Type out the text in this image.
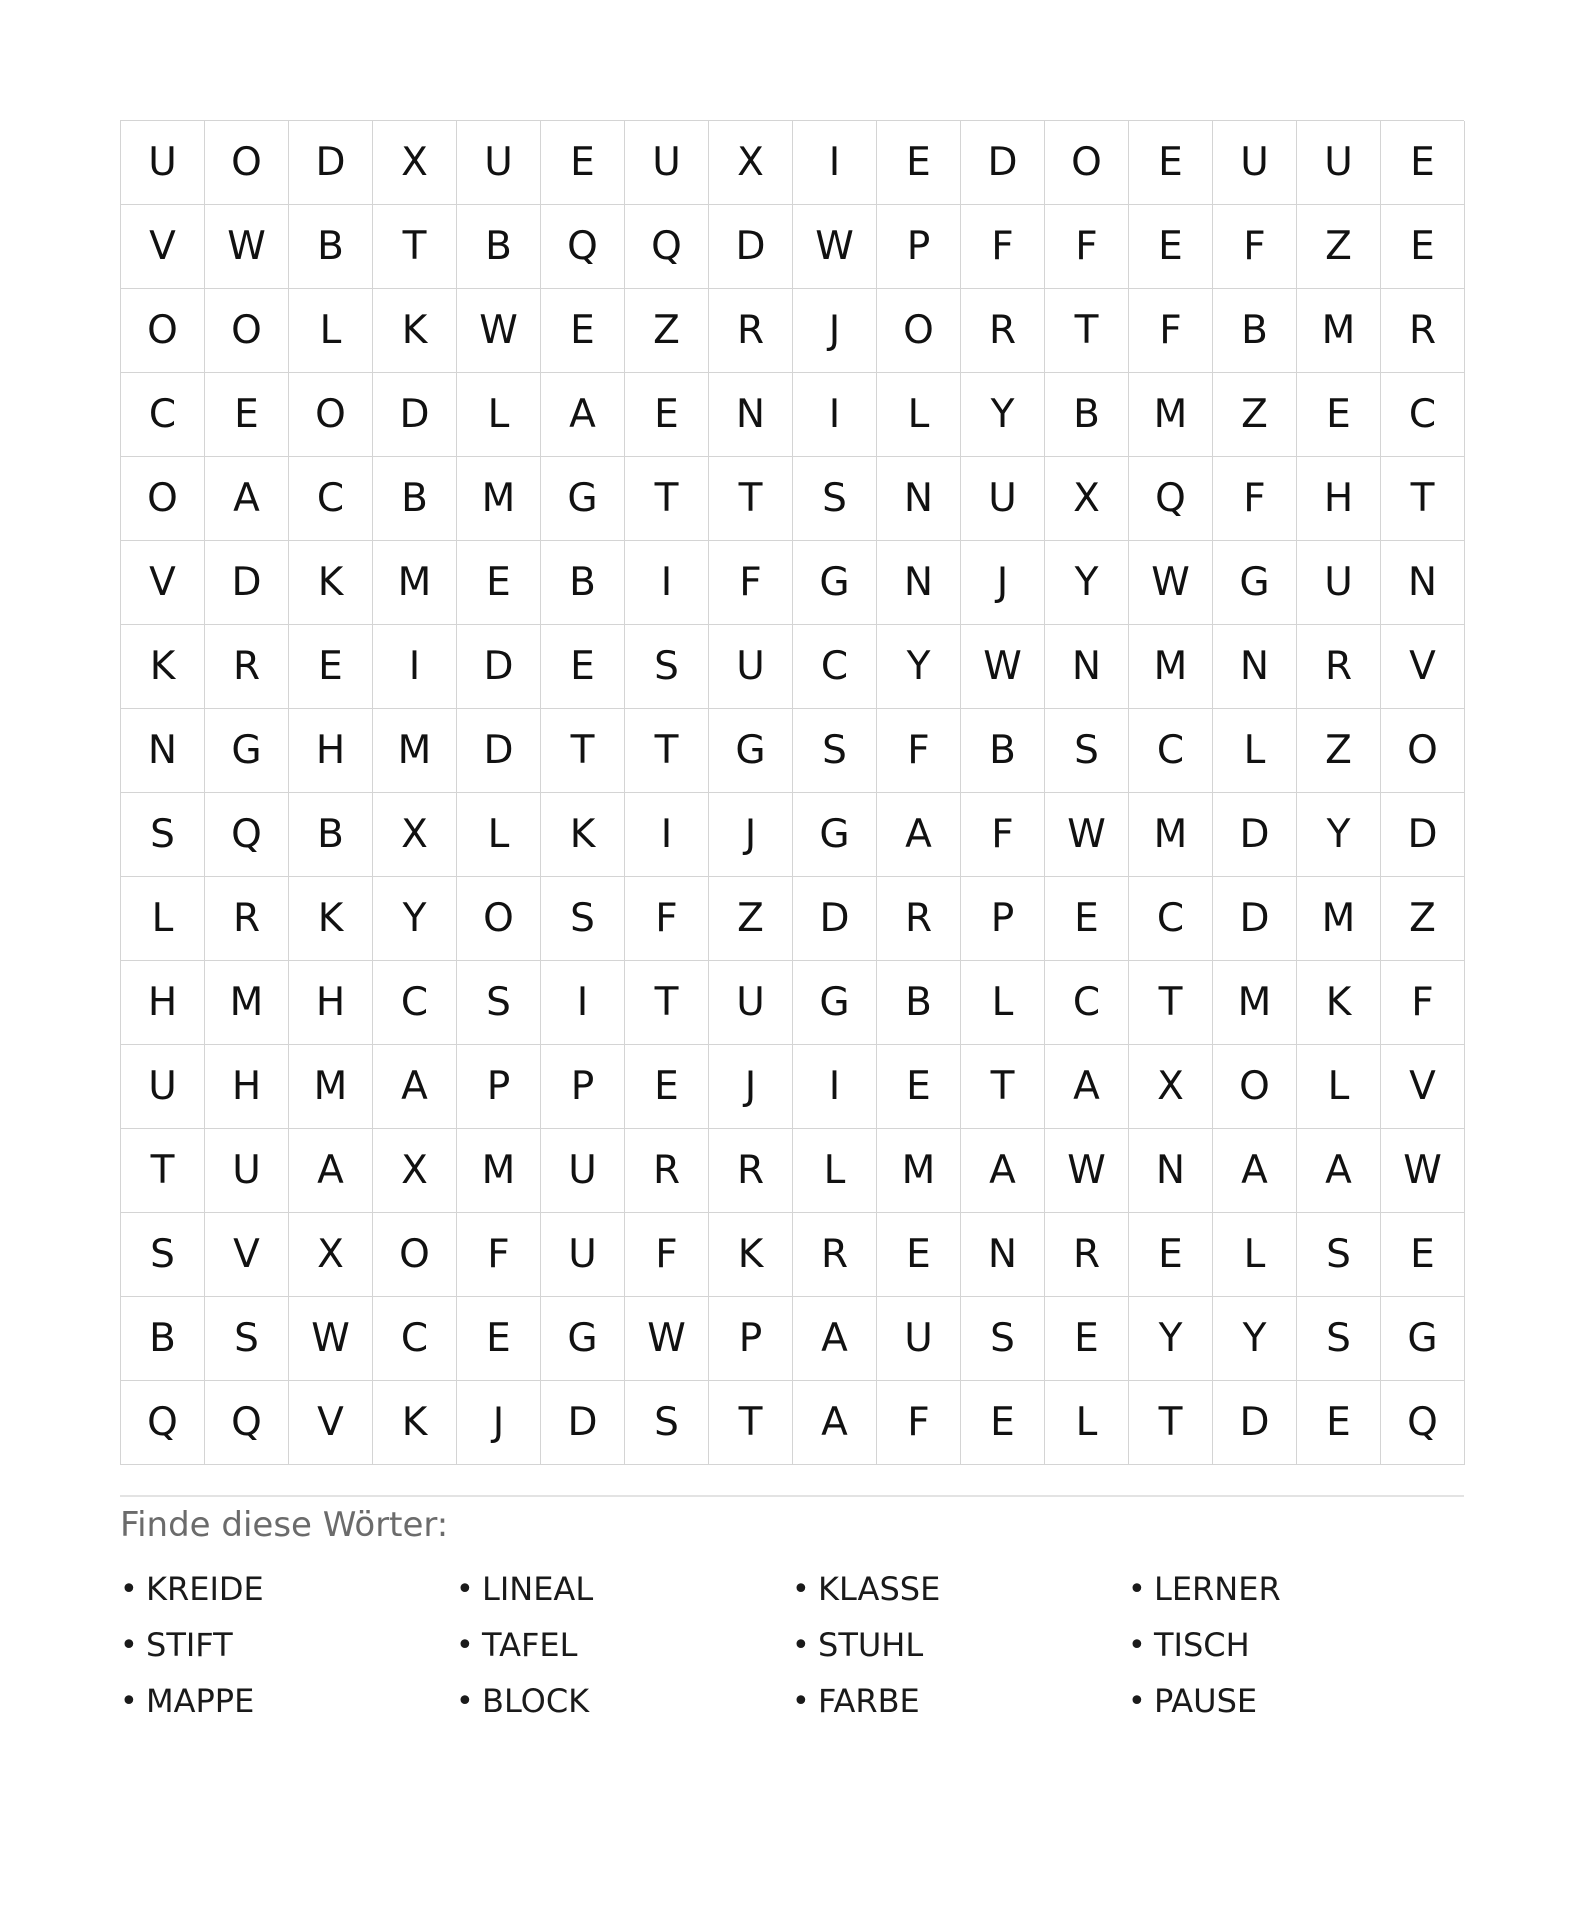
U	O	D	X	U	E	U	X	I	E	D	O	E	U	U	E
V	W	B	T	B	Q	Q	D	W	P	F	F	E	F	Z	E
O	O	L	K	W	E	Z	R	J	O	R	T	F	B	M	R
C	E	O	D	L	A	E	N	I	L	Y	B	M	Z	E	C
O	A	C	B	M	G	T	T	S	N	U	X	Q	F	H	T
V	D	K	M	E	B	I	F	G	N	J	Y	W	G	U	N
K	R	E	I	D	E	S	U	C	Y	W	N	M	N	R	V
N	G	H	M	D	T	T	G	S	F	B	S	C	L	Z	O
S	Q	B	X	L	K	I	J	G	A	F	W	M	D	Y	D
L	R	K	Y	O	S	F	Z	D	R	P	E	C	D	M	Z
H	M	H	C	S	I	T	U	G	B	L	C	T	M	K	F
U	H	M	A	P	P	E	J	I	E	T	A	X	O	L	V
T	U	A	X	M	U	R	R	L	M	A	W	N	A	A	W
S	V	X	O	F	U	F	K	R	E	N	R	E	L	S	E
B	S	W	C	E	G	W	P	A	U	S	E	Y	Y	S	G
Q	Q	V	K	J	D	S	T	A	F	E	L	T	D	E	Q
Finde diese Wörter:
• KREIDE	• LINEAL	• KLASSE	• LERNER
• STIFT	• TAFEL	• STUHL	• TISCH
• MAPPE	• BLOCK	• FARBE	• PAUSE
